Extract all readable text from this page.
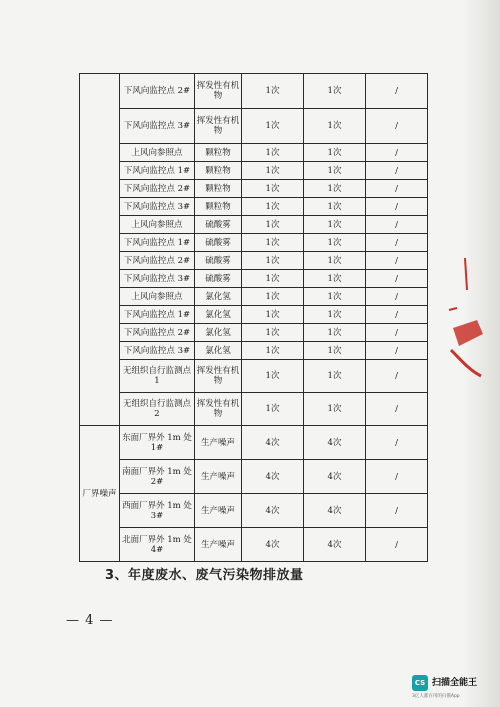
	下风向监控点 2#	挥发性有机物	1次	1次	/
	下风向监控点 3#	挥发性有机物	1次	1次	/
	上风向参照点	颗粒物	1次	1次	/
	下风向监控点 1#	颗粒物	1次	1次	/
	下风向监控点 2#	颗粒物	1次	1次	/
	下风向监控点 3#	颗粒物	1次	1次	/
	上风向参照点	硫酸雾	1次	1次	/
	下风向监控点 1#	硫酸雾	1次	1次	/
	下风向监控点 2#	硫酸雾	1次	1次	/
	下风向监控点 3#	硫酸雾	1次	1次	/
	上风向参照点	氯化氢	1次	1次	/
	下风向监控点 1#	氯化氢	1次	1次	/
	下风向监控点 2#	氯化氢	1次	1次	/
	下风向监控点 3#	氯化氢	1次	1次	/
	无组织自行监测点 1	挥发性有机物	1次	1次	/
	无组织自行监测点 2	挥发性有机物	1次	1次	/
厂界噪声	东面厂界外 1m 处 1#	生产噪声	4次	4次	/
	南面厂界外 1m 处 2#	生产噪声	4次	4次	/
	西面厂界外 1m 处 3#	生产噪声	4次	4次	/
	北面厂界外 1m 处 4#	生产噪声	4次	4次	/
3、年度废水、废气污染物排放量
— 4 —
CS 扫描全能王
3亿人都在用的扫描App
